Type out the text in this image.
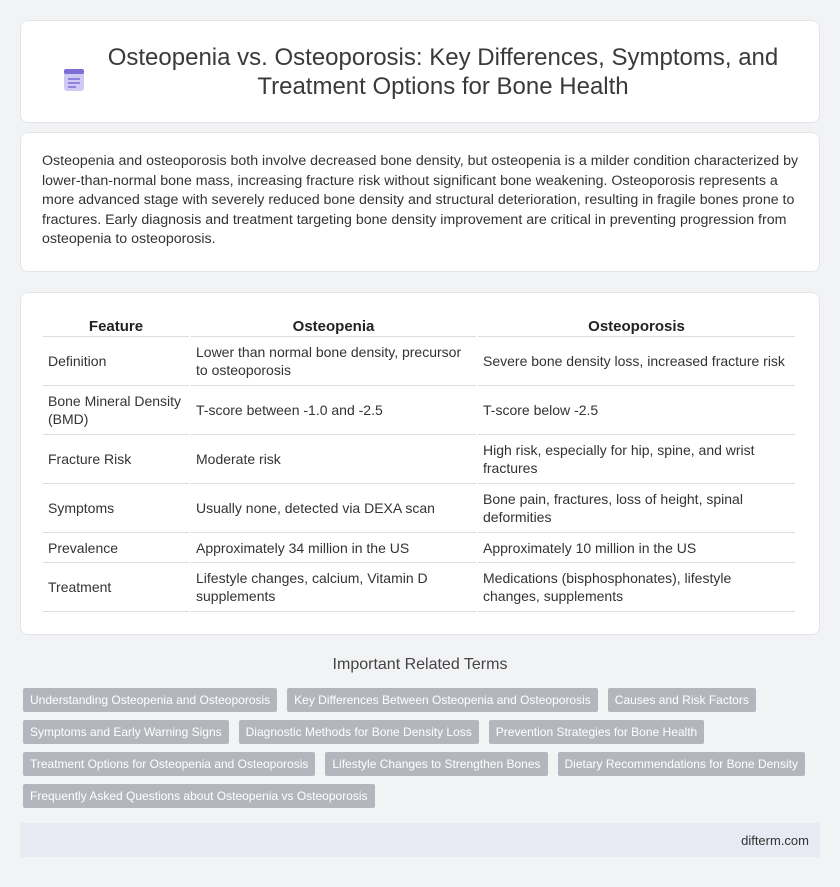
Osteopenia vs. Osteoporosis: Key Differences, Symptoms, and Treatment Options for Bone Health

Osteopenia and osteoporosis both involve decreased bone density, but osteopenia is a milder condition characterized by lower-than-normal bone mass, increasing fracture risk without significant bone weakening. Osteoporosis represents a more advanced stage with severely reduced bone density and structural deterioration, resulting in fragile bones prone to fractures. Early diagnosis and treatment targeting bone density improvement are critical in preventing progression from osteopenia to osteoporosis.

Feature	Osteopenia	Osteoporosis
Definition	Lower than normal bone density, precursor to osteoporosis	Severe bone density loss, increased fracture risk
Bone Mineral Density (BMD)	T-score between -1.0 and -2.5	T-score below -2.5
Fracture Risk	Moderate risk	High risk, especially for hip, spine, and wrist fractures
Symptoms	Usually none, detected via DEXA scan	Bone pain, fractures, loss of height, spinal deformities
Prevalence	Approximately 34 million in the US	Approximately 10 million in the US
Treatment	Lifestyle changes, calcium, Vitamin D supplements	Medications (bisphosphonates), lifestyle changes, supplements
Important Related Terms
Understanding Osteopenia and Osteoporosis Key Differences Between Osteopenia and Osteoporosis Causes and Risk Factors
Symptoms and Early Warning Signs Diagnostic Methods for Bone Density Loss Prevention Strategies for Bone Health
Treatment Options for Osteopenia and Osteoporosis Lifestyle Changes to Strengthen Bones Dietary Recommendations for Bone Density
Frequently Asked Questions about Osteopenia vs Osteoporosis
difterm.com
